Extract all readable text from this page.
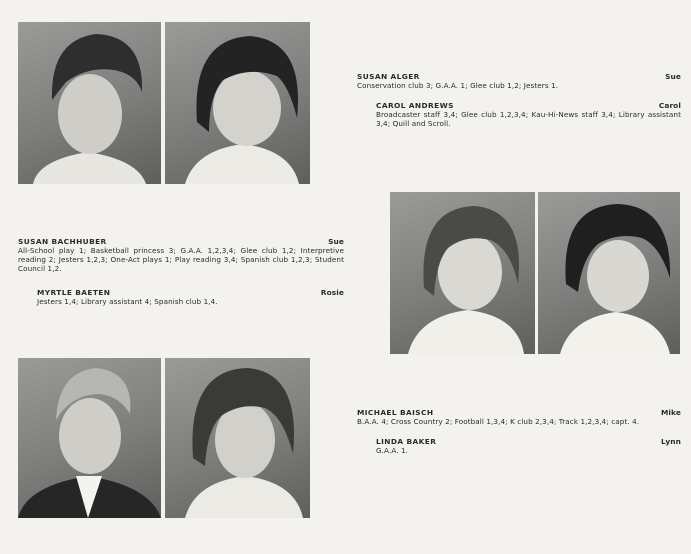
SUSAN ALGER	Sue
Conservation club 3; G.A.A. 1; Glee club 1,2; Jesters 1.
CAROL ANDREWS	Carol
Broadcaster staff 3,4; Glee club 1,2,3,4; Kau-Hi-News staff 3,4; Library assistant 3,4; Quill and Scroll.
SUSAN BACHHUBER	Sue
All-School play 1; Basketball princess 3; G.A.A. 1,2,3,4; Glee club 1,2; Interpretive reading 2; Jesters 1,2,3; One-Act plays 1; Play reading 3,4; Spanish club 1,2,3; Student Council 1,2.
MYRTLE BAETEN	Rosie
Jesters 1,4; Library assistant 4; Spanish club 1,4.
MICHAEL BAISCH	Mike
B.A.A. 4; Cross Country 2; Football 1,3,4; K club 2,3,4; Track 1,2,3,4; capt. 4.
LINDA BAKER	Lynn
G.A.A. 1.
